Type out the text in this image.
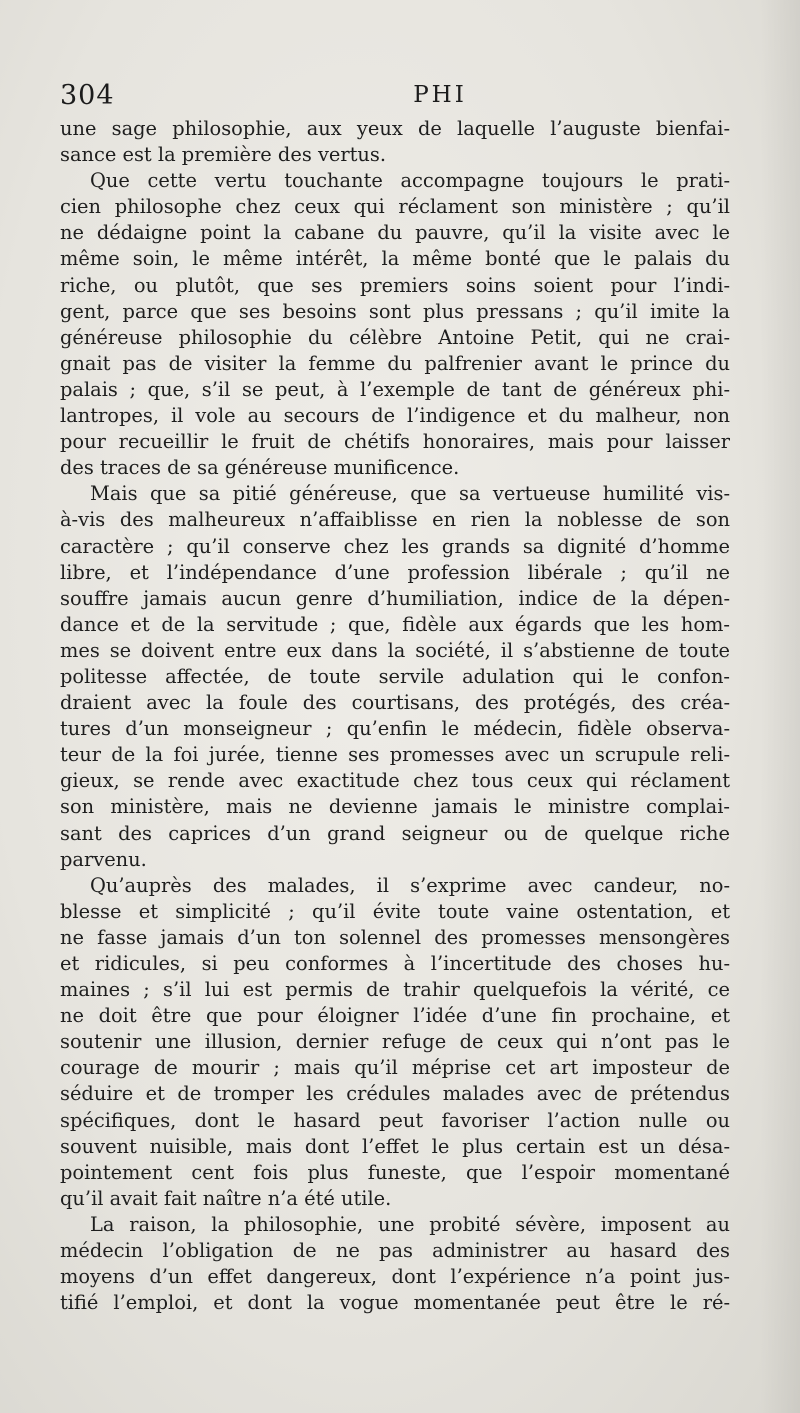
304	PHI
une sage philosophie, aux yeux de laquelle l’auguste bienfai-
sance est la première des vertus.
Que cette vertu touchante accompagne toujours le prati-
cien philosophe chez ceux qui réclament son ministère ; qu’il
ne dédaigne point la cabane du pauvre, qu’il la visite avec le
même soin, le même intérêt, la même bonté que le palais du
riche, ou plutôt, que ses premiers soins soient pour l’indi-
gent, parce que ses besoins sont plus pressans ; qu’il imite la
généreuse philosophie du célèbre Antoine Petit, qui ne crai-
gnait pas de visiter la femme du palfrenier avant le prince du
palais ; que, s’il se peut, à l’exemple de tant de généreux phi-
lantropes, il vole au secours de l’indigence et du malheur, non
pour recueillir le fruit de chétifs honoraires, mais pour laisser
des traces de sa généreuse munificence.
Mais que sa pitié généreuse, que sa vertueuse humilité vis-
à-vis des malheureux n’affaiblisse en rien la noblesse de son
caractère ; qu’il conserve chez les grands sa dignité d’homme
libre, et l’indépendance d’une profession libérale ; qu’il ne
souffre jamais aucun genre d’humiliation, indice de la dépen-
dance et de la servitude ; que, fidèle aux égards que les hom-
mes se doivent entre eux dans la société, il s’abstienne de toute
politesse affectée, de toute servile adulation qui le confon-
draient avec la foule des courtisans, des protégés, des créa-
tures d’un monseigneur ; qu’enfin le médecin, fidèle observa-
teur de la foi jurée, tienne ses promesses avec un scrupule reli-
gieux, se rende avec exactitude chez tous ceux qui réclament
son ministère, mais ne devienne jamais le ministre complai-
sant des caprices d’un grand seigneur ou de quelque riche
parvenu.
Qu’auprès des malades, il s’exprime avec candeur, no-
blesse et simplicité ; qu’il évite toute vaine ostentation, et
ne fasse jamais d’un ton solennel des promesses mensongères
et ridicules, si peu conformes à l’incertitude des choses hu-
maines ; s’il lui est permis de trahir quelquefois la vérité, ce
ne doit être que pour éloigner l’idée d’une fin prochaine, et
soutenir une illusion, dernier refuge de ceux qui n’ont pas le
courage de mourir ; mais qu’il méprise cet art imposteur de
séduire et de tromper les crédules malades avec de prétendus
spécifiques, dont le hasard peut favoriser l’action nulle ou
souvent nuisible, mais dont l’effet le plus certain est un désa-
pointement cent fois plus funeste, que l’espoir momentané
qu’il avait fait naître n’a été utile.
La raison, la philosophie, une probité sévère, imposent au
médecin l’obligation de ne pas administrer au hasard des
moyens d’un effet dangereux, dont l’expérience n’a point jus-
tifié l’emploi, et dont la vogue momentanée peut être le ré-
